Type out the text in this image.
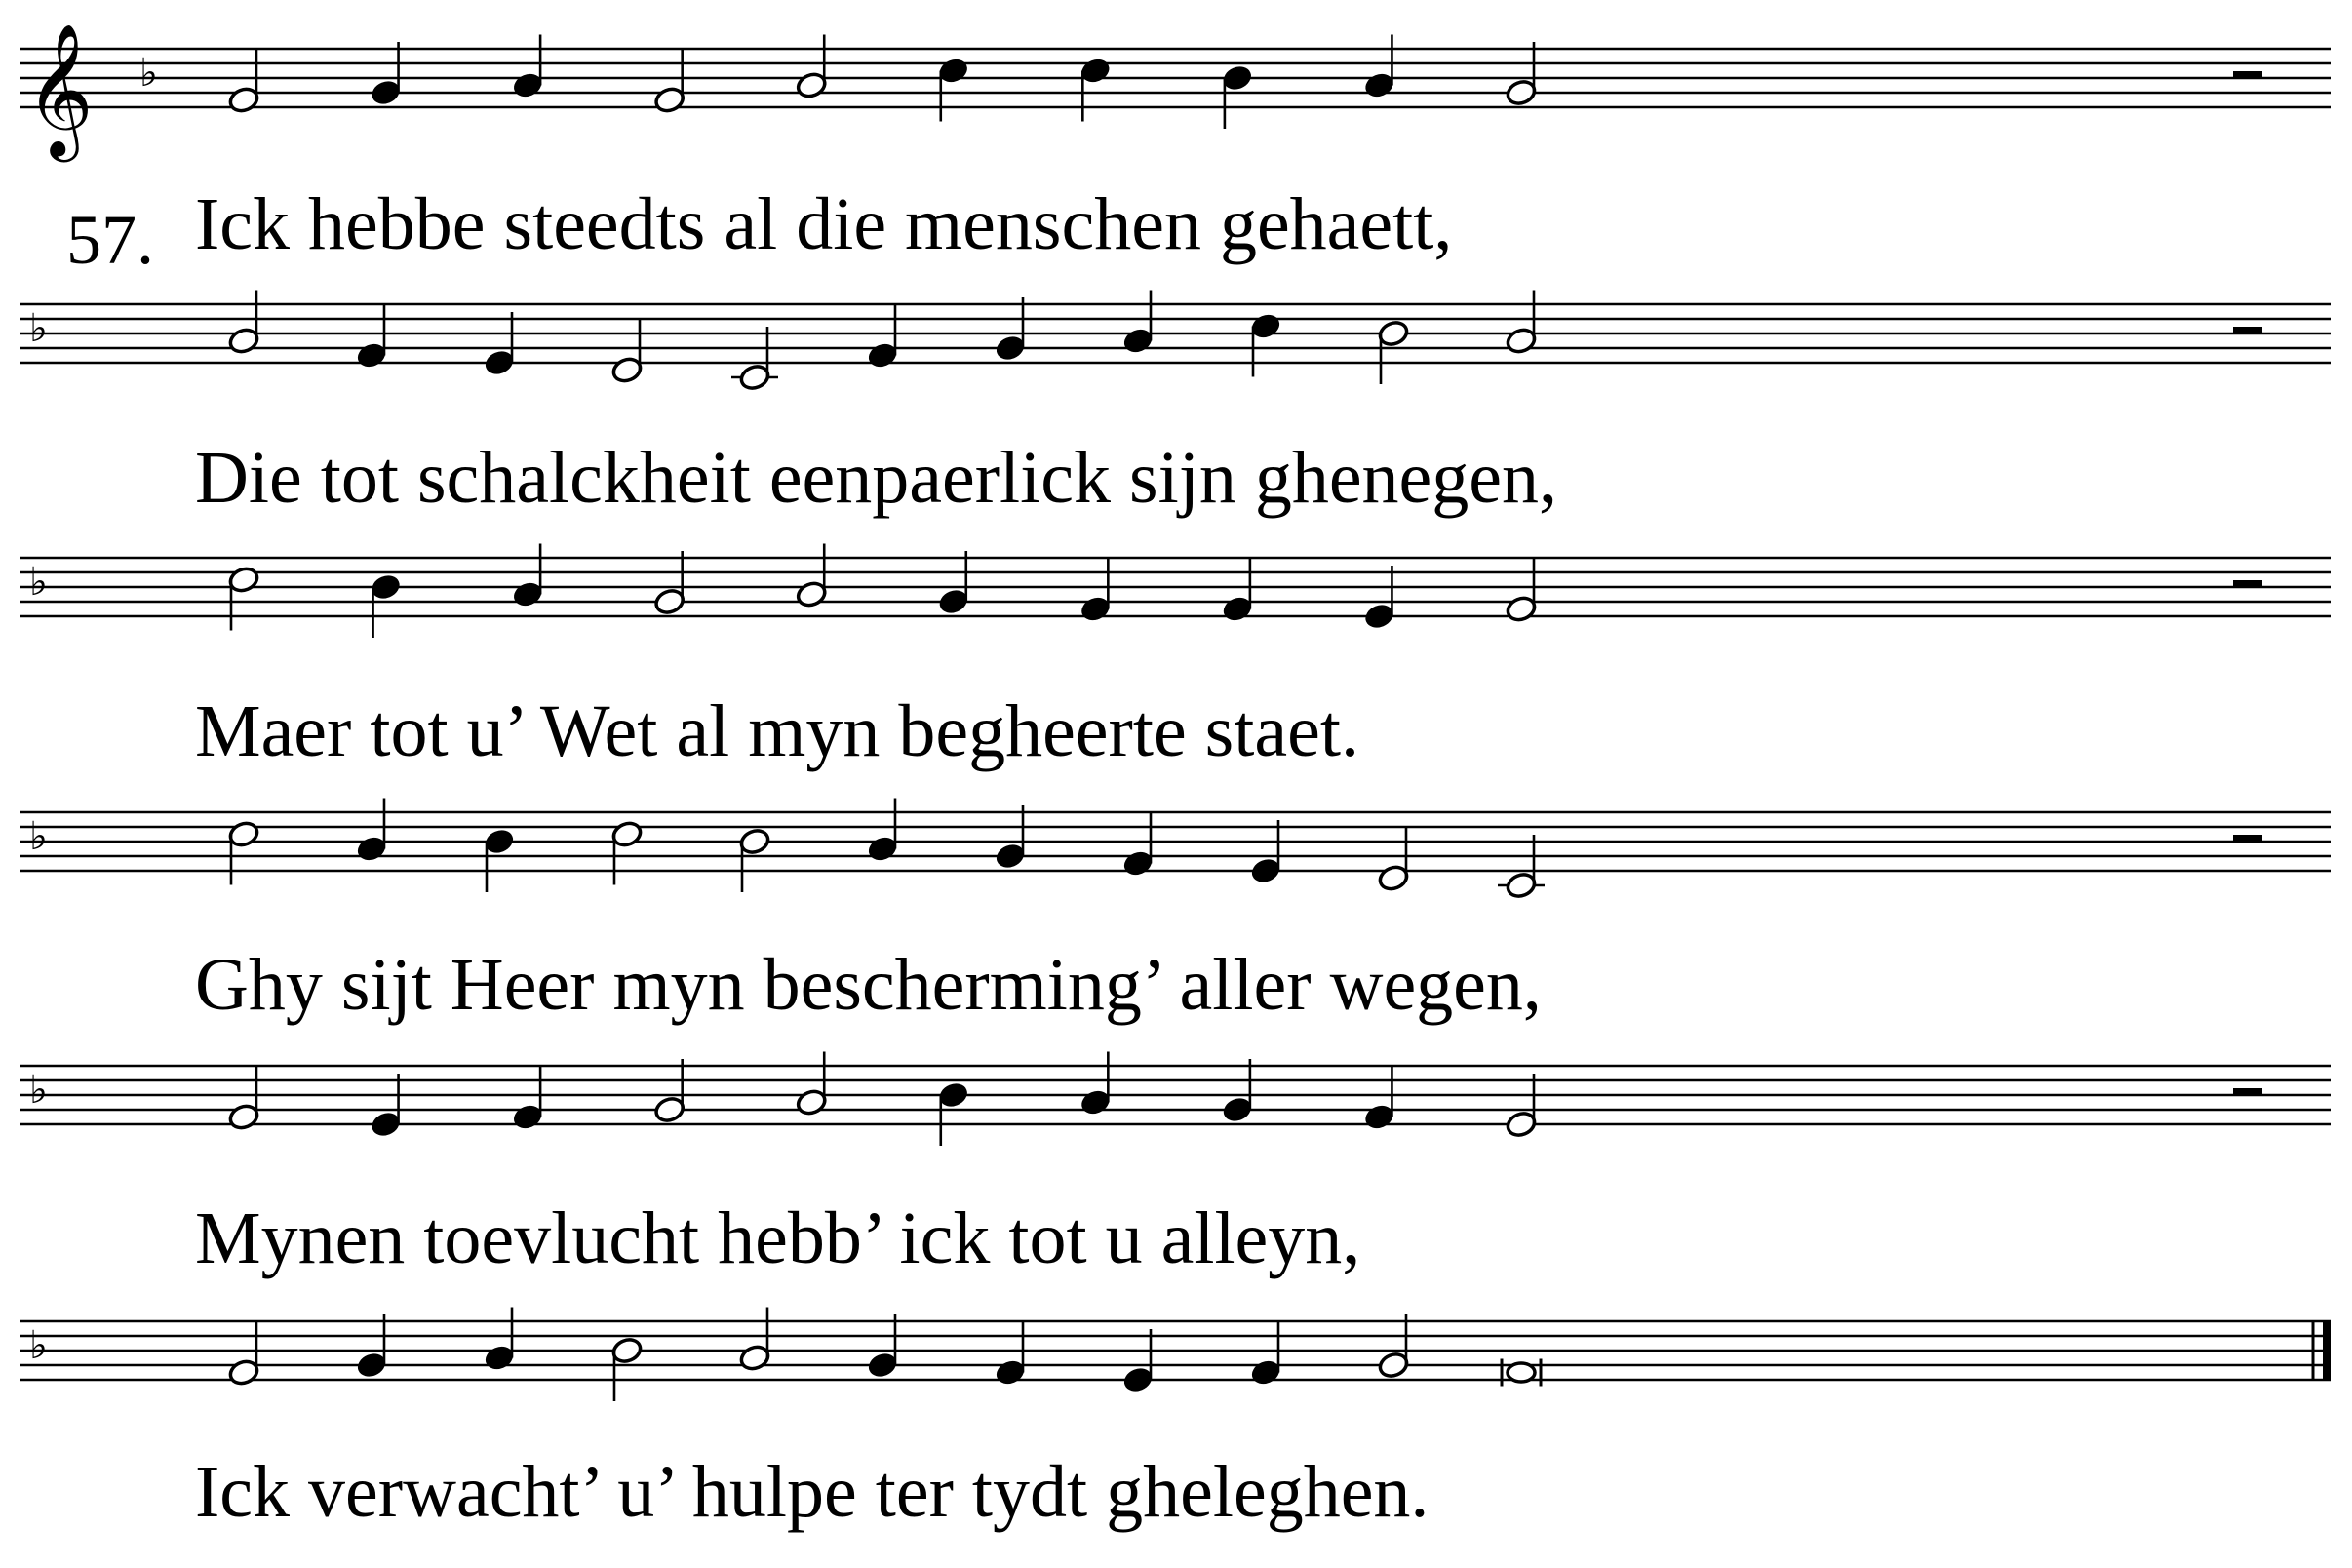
57. Ick hebbe steedts al die menschen gehaett,
Die tot schalckheit eenpaerlick sijn ghenegen,
Maer tot u’ Wet al myn begheerte staet.
Ghy sijt Heer myn bescherming’ aller wegen,
Mynen toevlucht hebb’ ick tot u alleyn,
Ick verwacht’ u’ hulpe ter tydt gheleghen.
𝄞 ♭
♭
♭
♭
♭
♭
